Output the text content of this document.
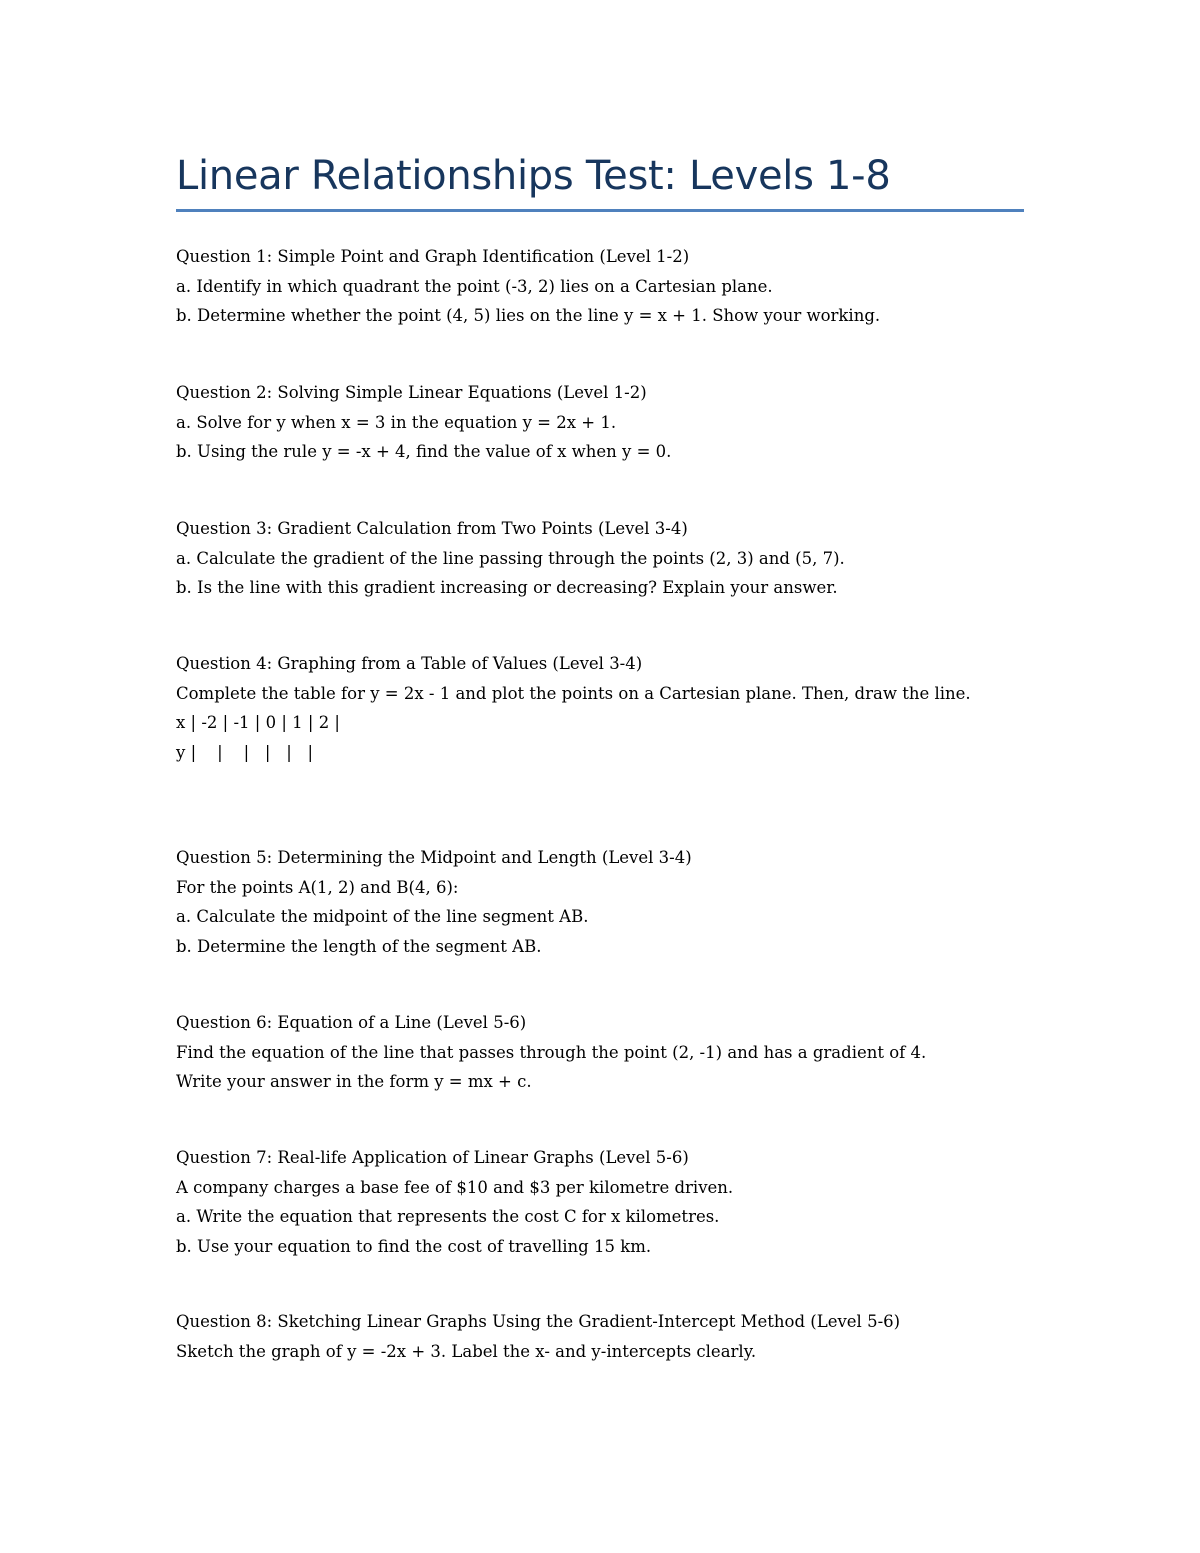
Linear Relationships Test: Levels 1-8

Question 1: Simple Point and Graph Identification (Level 1-2)

a. Identify in which quadrant the point (-3, 2) lies on a Cartesian plane.

b. Determine whether the point (4, 5) lies on the line y = x + 1. Show your working.

Question 2: Solving Simple Linear Equations (Level 1-2)

a. Solve for y when x = 3 in the equation y = 2x + 1.

b. Using the rule y = -x + 4, find the value of x when y = 0.

Question 3: Gradient Calculation from Two Points (Level 3-4)

a. Calculate the gradient of the line passing through the points (2, 3) and (5, 7).

b. Is the line with this gradient increasing or decreasing? Explain your answer.

Question 4: Graphing from a Table of Values (Level 3-4)

Complete the table for y = 2x - 1 and plot the points on a Cartesian plane. Then, draw the line.

x | -2 | -1 | 0 | 1 | 2 |

y |    |    |   |   |   |

Question 5: Determining the Midpoint and Length (Level 3-4)

For the points A(1, 2) and B(4, 6):

a. Calculate the midpoint of the line segment AB.

b. Determine the length of the segment AB.

Question 6: Equation of a Line (Level 5-6)

Find the equation of the line that passes through the point (2, -1) and has a gradient of 4.

Write your answer in the form y = mx + c.

Question 7: Real-life Application of Linear Graphs (Level 5-6)

A company charges a base fee of $10 and $3 per kilometre driven.

a. Write the equation that represents the cost C for x kilometres.

b. Use your equation to find the cost of travelling 15 km.

Question 8: Sketching Linear Graphs Using the Gradient-Intercept Method (Level 5-6)

Sketch the graph of y = -2x + 3. Label the x- and y-intercepts clearly.
